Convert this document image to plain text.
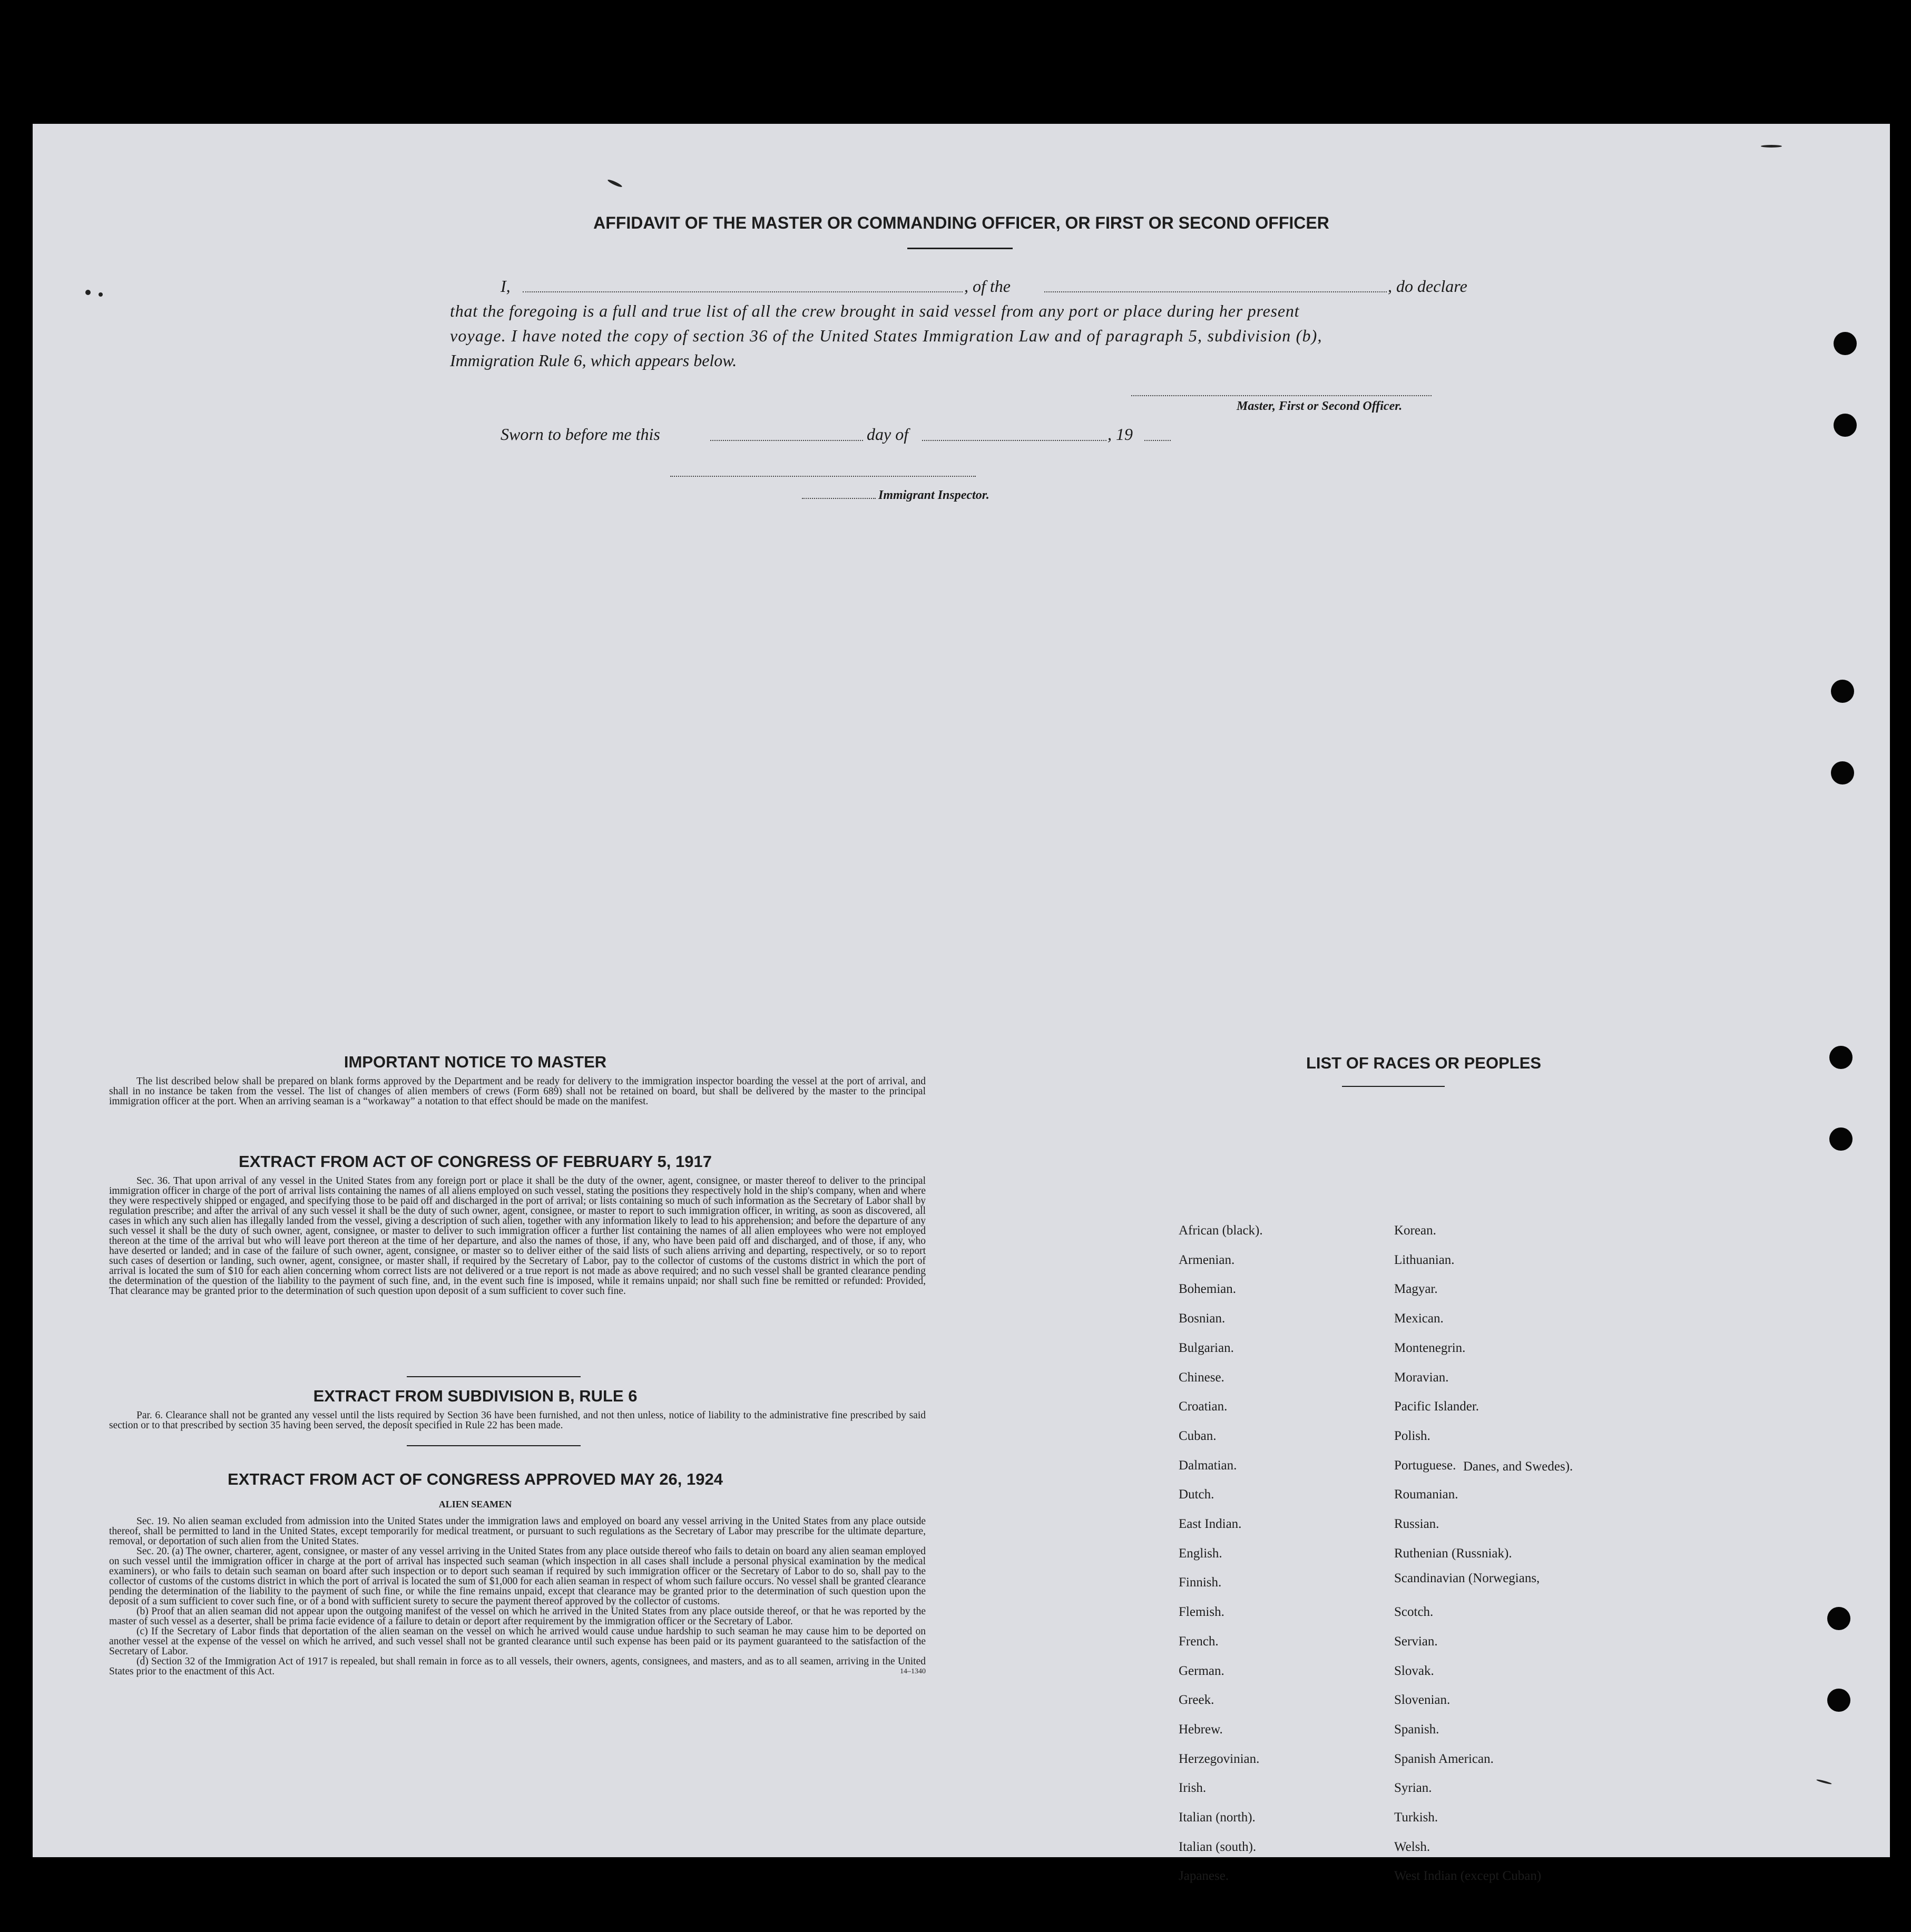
AFFIDAVIT OF THE MASTER OR COMMANDING OFFICER, OR FIRST OR SECOND OFFICER
I,	, of the	, do declare
that the foregoing is a full and true list of all the crew brought in said vessel from any port or place during her present
voyage. I have noted the copy of section 36 of the United States Immigration Law and of paragraph 5, subdivision (b),
Immigration Rule 6, which appears below.
Master, First or Second Officer.
Sworn to before me this	day of	, 19
Immigrant Inspector.
IMPORTANT NOTICE TO MASTER

The list described below shall be prepared on blank forms approved by the Department and be ready for delivery to the immigration inspector boarding the vessel at the port of arrival, and shall in no instance be taken from the vessel. The list of changes of alien members of crews (Form 689) shall not be retained on board, but shall be delivered by the master to the principal immigration officer at the port. When an arriving seaman is a “workaway” a notation to that effect should be made on the manifest.

EXTRACT FROM ACT OF CONGRESS OF FEBRUARY 5, 1917

Sec. 36. That upon arrival of any vessel in the United States from any foreign port or place it shall be the duty of the owner, agent, consignee, or master thereof to deliver to the principal immigration officer in charge of the port of arrival lists containing the names of all aliens employed on such vessel, stating the positions they respectively hold in the ship's company, when and where they were respectively shipped or engaged, and specifying those to be paid off and discharged in the port of arrival; or lists containing so much of such information as the Secretary of Labor shall by regulation prescribe; and after the arrival of any such vessel it shall be the duty of such owner, agent, consignee, or master to report to such immigration officer, in writing, as soon as discovered, all cases in which any such alien has illegally landed from the vessel, giving a description of such alien, together with any information likely to lead to his apprehension; and before the departure of any such vessel it shall be the duty of such owner, agent, consignee, or master to deliver to such immigration officer a further list containing the names of all alien employees who were not employed thereon at the time of the arrival but who will leave port thereon at the time of her departure, and also the names of those, if any, who have been paid off and discharged, and of those, if any, who have deserted or landed; and in case of the failure of such owner, agent, consignee, or master so to deliver either of the said lists of such aliens arriving and departing, respectively, or so to report such cases of desertion or landing, such owner, agent, consignee, or master shall, if required by the Secretary of Labor, pay to the collector of customs of the customs district in which the port of arrival is located the sum of $10 for each alien concerning whom correct lists are not delivered or a true report is not made as above required; and no such vessel shall be granted clearance pending the determination of the question of the liability to the payment of such fine, and, in the event such fine is imposed, while it remains unpaid; nor shall such fine be remitted or refunded: Provided, That clearance may be granted prior to the determination of such question upon deposit of a sum sufficient to cover such fine.

EXTRACT FROM SUBDIVISION B, RULE 6

Par. 6. Clearance shall not be granted any vessel until the lists required by Section 36 have been furnished, and not then unless, notice of liability to the administrative fine prescribed by said section or to that prescribed by section 35 having been served, the deposit specified in Rule 22 has been made.

EXTRACT FROM ACT OF CONGRESS APPROVED MAY 26, 1924
ALIEN SEAMEN

Sec. 19. No alien seaman excluded from admission into the United States under the immigration laws and employed on board any vessel arriving in the United States from any place outside thereof, shall be permitted to land in the United States, except temporarily for medical treatment, or pursuant to such regulations as the Secretary of Labor may prescribe for the ultimate departure, removal, or deportation of such alien from the United States.

Sec. 20. (a) The owner, charterer, agent, consignee, or master of any vessel arriving in the United States from any place outside thereof who fails to detain on board any alien seaman employed on such vessel until the immigration officer in charge at the port of arrival has inspected such seaman (which inspection in all cases shall include a personal physical examination by the medical examiners), or who fails to detain such seaman on board after such inspection or to deport such seaman if required by such immigration officer or the Secretary of Labor to do so, shall pay to the collector of customs of the customs district in which the port of arrival is located the sum of $1,000 for each alien seaman in respect of whom such failure occurs. No vessel shall be granted clearance pending the determination of the liability to the payment of such fine, or while the fine remains unpaid, except that clearance may be granted prior to the determination of such question upon the deposit of a sum sufficient to cover such fine, or of a bond with sufficient surety to secure the payment thereof approved by the collector of customs.

(b) Proof that an alien seaman did not appear upon the outgoing manifest of the vessel on which he arrived in the United States from any place outside thereof, or that he was reported by the master of such vessel as a deserter, shall be prima facie evidence of a failure to detain or deport after requirement by the immigration officer or the Secretary of Labor.

(c) If the Secretary of Labor finds that deportation of the alien seaman on the vessel on which he arrived would cause undue hardship to such seaman he may cause him to be deported on another vessel at the expense of the vessel on which he arrived, and such vessel shall not be granted clearance until such expense has been paid or its payment guaranteed to the satisfaction of the Secretary of Labor.

(d) Section 32 of the Immigration Act of 1917 is repealed, but shall remain in force as to all vessels, their owners, agents, consignees, and masters, and as to all seamen, arriving in the United States prior to the enactment of this Act.	14–1340

LIST OF RACES OR PEOPLES
Danes, and Swedes).
African (black).
Armenian.
Bohemian.
Bosnian.
Bulgarian.
Chinese.
Croatian.
Cuban.
Dalmatian.
Dutch.
East Indian.
English.
Finnish.
Flemish.
French.
German.
Greek.
Hebrew.
Herzegovinian.
Irish.
Italian (north).
Italian (south).
Japanese.
Korean.
Lithuanian.
Magyar.
Mexican.
Montenegrin.
Moravian.
Pacific Islander.
Polish.
Portuguese.
Roumanian.
Russian.
Ruthenian (Russniak).
Scandinavian (Norwegians,
Scotch.
Servian.
Slovak.
Slovenian.
Spanish.
Spanish American.
Syrian.
Turkish.
Welsh.
West Indian (except Cuban)
